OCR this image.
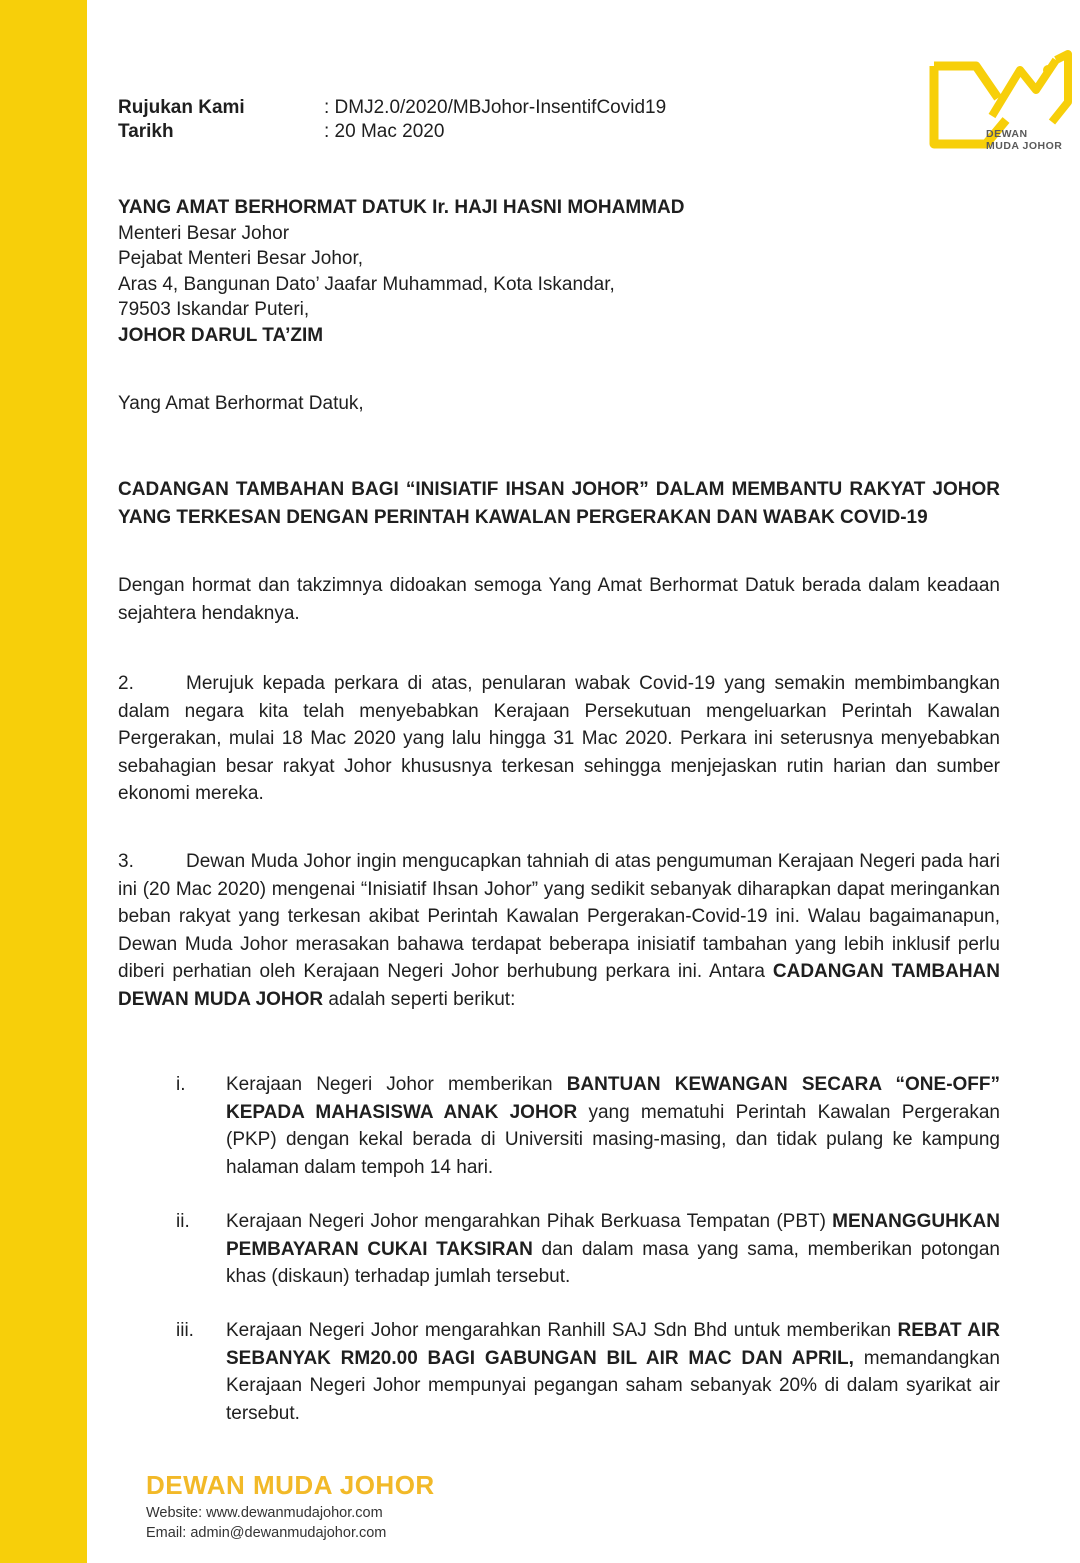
DEWAN
MUDA JOHOR
Rujukan Kami	: DMJ2.0/2020/MBJohor-InsentifCovid19
Tarikh	: 20 Mac 2020
YANG AMAT BERHORMAT DATUK Ir. HAJI HASNI MOHAMMAD
Menteri Besar Johor
Pejabat Menteri Besar Johor,
Aras 4, Bangunan Dato’ Jaafar Muhammad, Kota Iskandar,
79503 Iskandar Puteri,
JOHOR DARUL TA’ZIM
Yang Amat Berhormat Datuk,
CADANGAN TAMBAHAN BAGI “INISIATIF IHSAN JOHOR” DALAM MEMBANTU RAKYAT JOHOR YANG TERKESAN DENGAN PERINTAH KAWALAN PERGERAKAN DAN WABAK COVID-19
Dengan hormat dan takzimnya didoakan semoga Yang Amat Berhormat Datuk berada dalam keadaan sejahtera hendaknya.
2.	Merujuk kepada perkara di atas, penularan wabak Covid-19 yang semakin membimbangkan dalam negara kita telah menyebabkan Kerajaan Persekutuan mengeluarkan Perintah Kawalan Pergerakan, mulai 18 Mac 2020 yang lalu hingga 31 Mac 2020. Perkara ini seterusnya menyebabkan sebahagian besar rakyat Johor khususnya terkesan sehingga menjejaskan rutin harian dan sumber ekonomi mereka.
3.	Dewan Muda Johor ingin mengucapkan tahniah di atas pengumuman Kerajaan Negeri pada hari ini (20 Mac 2020) mengenai “Inisiatif Ihsan Johor” yang sedikit sebanyak diharapkan dapat meringankan beban rakyat yang terkesan akibat Perintah Kawalan Pergerakan-Covid-19 ini. Walau bagaimanapun, Dewan Muda Johor merasakan bahawa terdapat beberapa inisiatif tambahan yang lebih inklusif perlu diberi perhatian oleh Kerajaan Negeri Johor berhubung perkara ini. Antara CADANGAN TAMBAHAN DEWAN MUDA JOHOR adalah seperti berikut:
i.	Kerajaan Negeri Johor memberikan BANTUAN KEWANGAN SECARA “ONE-OFF” KEPADA MAHASISWA ANAK JOHOR yang mematuhi Perintah Kawalan Pergerakan (PKP) dengan kekal berada di Universiti masing-masing, dan tidak pulang ke kampung halaman dalam tempoh 14 hari.
ii.	Kerajaan Negeri Johor mengarahkan Pihak Berkuasa Tempatan (PBT) MENANGGUHKAN PEMBAYARAN CUKAI TAKSIRAN dan dalam masa yang sama, memberikan potongan khas (diskaun) terhadap jumlah tersebut.
iii.	Kerajaan Negeri Johor mengarahkan Ranhill SAJ Sdn Bhd untuk memberikan REBAT AIR SEBANYAK RM20.00 BAGI GABUNGAN BIL AIR MAC DAN APRIL, memandangkan Kerajaan Negeri Johor mempunyai pegangan saham sebanyak 20% di dalam syarikat air tersebut.
DEWAN MUDA JOHOR
Website: www.dewanmudajohor.com
Email: admin@dewanmudajohor.com
